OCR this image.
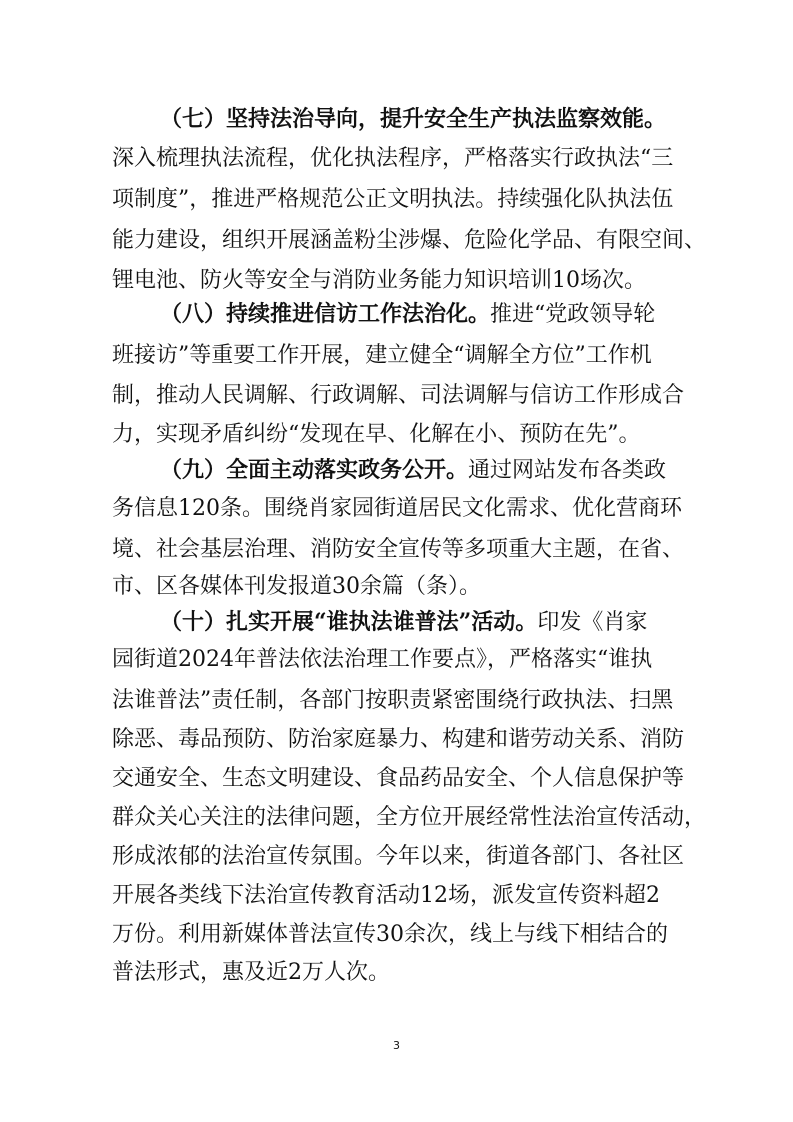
（七）坚持法治导向，提升安全生产执法监察效能。
深入梳理执法流程，优化执法程序，严格落实行政执法“三
项制度”，推进严格规范公正文明执法。持续强化队执法伍
能力建设，组织开展涵盖粉尘涉爆、危险化学品、有限空间、
锂电池、防火等安全与消防业务能力知识培训10场次。
（八）持续推进信访工作法治化。推进“党政领导轮
班接访”等重要工作开展，建立健全“调解全方位”工作机
制，推动人民调解、行政调解、司法调解与信访工作形成合
力，实现矛盾纠纷“发现在早、化解在小、预防在先”。
（九）全面主动落实政务公开。通过网站发布各类政
务信息120条。围绕肖家园街道居民文化需求、优化营商环
境、社会基层治理、消防安全宣传等多项重大主题，在省、
市、区各媒体刊发报道30余篇（条）。
（十）扎实开展“谁执法谁普法”活动。印发《肖家
园街道2024年普法依法治理工作要点》，严格落实“谁执
法谁普法”责任制，各部门按职责紧密围绕行政执法、扫黑
除恶、毒品预防、防治家庭暴力、构建和谐劳动关系、消防
交通安全、生态文明建设、食品药品安全、个人信息保护等
群众关心关注的法律问题，全方位开展经常性法治宣传活动，
形成浓郁的法治宣传氛围。今年以来，街道各部门、各社区
开展各类线下法治宣传教育活动12场，派发宣传资料超2
万份。利用新媒体普法宣传30余次，线上与线下相结合的
普法形式，惠及近2万人次。
3
